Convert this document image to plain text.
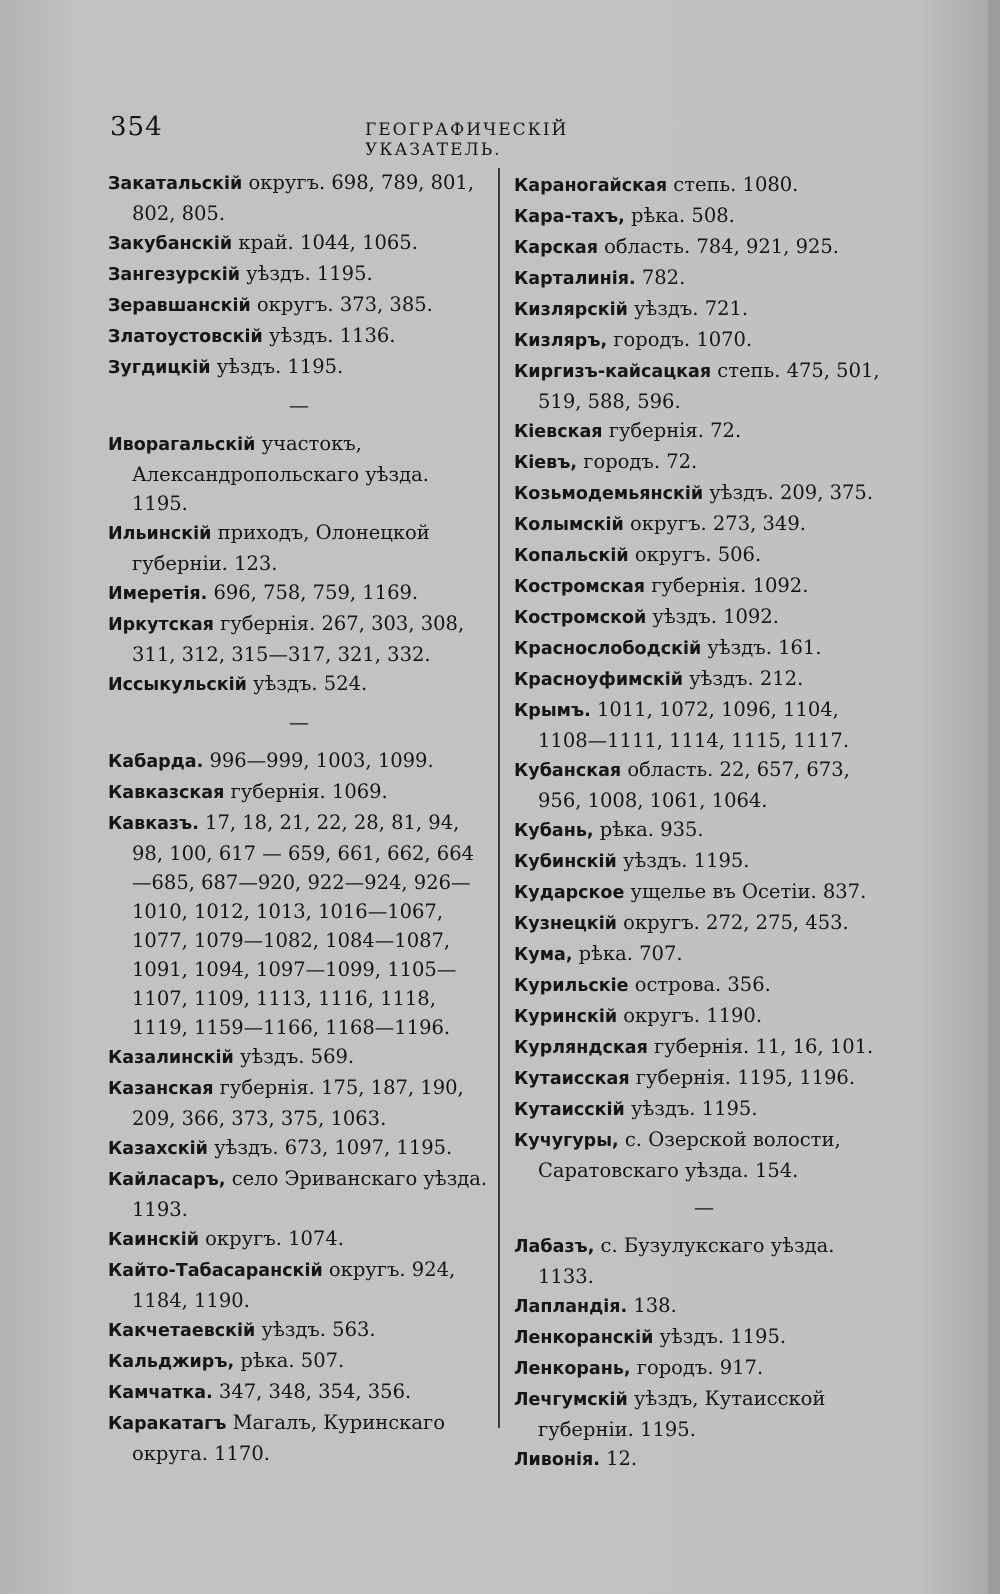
354	ГЕОГРАФИЧЕСКІЙ УКАЗАТЕЛЬ.
Закатальскій округъ. 698, 789, 801, 802, 805.
Закубанскій край. 1044, 1065.
Зангезурскій уѣздъ. 1195.
Зеравшанскій округъ. 373, 385.
Златоустовскій уѣздъ. 1136.
Зугдицкій уѣздъ. 1195.
—
Иворагальскій участокъ, Александропольскаго уѣзда. 1195.
Ильинскій приходъ, Олонецкой губерніи. 123.
Имеретія. 696, 758, 759, 1169.
Иркутская губернія. 267, 303, 308, 311, 312, 315—317, 321, 332.
Иссыкульскій уѣздъ. 524.
—
Кабарда. 996—999, 1003, 1099.
Кавказская губернія. 1069.
Кавказъ. 17, 18, 21, 22, 28, 81, 94, 98, 100, 617 — 659, 661, 662, 664—685, 687—920, 922—924, 926—1010, 1012, 1013, 1016—1067, 1077, 1079—1082, 1084—1087, 1091, 1094, 1097—1099, 1105—1107, 1109, 1113, 1116, 1118, 1119, 1159—1166, 1168—1196.
Казалинскій уѣздъ. 569.
Казанская губернія. 175, 187, 190, 209, 366, 373, 375, 1063.
Казахскій уѣздъ. 673, 1097, 1195.
Кайласаръ, село Эриванскаго уѣзда. 1193.
Каинскій округъ. 1074.
Кайто-Табасаранскій округъ. 924, 1184, 1190.
Какчетаевскій уѣздъ. 563.
Кальджиръ, рѣка. 507.
Камчатка. 347, 348, 354, 356.
Каракатагъ Магалъ, Куринскаго округа. 1170.
Караногайская степь. 1080.
Кара-тахъ, рѣка. 508.
Карская область. 784, 921, 925.
Карталинія. 782.
Кизлярскій уѣздъ. 721.
Кизляръ, городъ. 1070.
Киргизъ-кайсацкая степь. 475, 501, 519, 588, 596.
Кіевская губернія. 72.
Кіевъ, городъ. 72.
Козьмодемьянскій уѣздъ. 209, 375.
Колымскій округъ. 273, 349.
Копальскій округъ. 506.
Костромская губернія. 1092.
Костромской уѣздъ. 1092.
Краснослободскій уѣздъ. 161.
Красноуфимскій уѣздъ. 212.
Крымъ. 1011, 1072, 1096, 1104, 1108—1111, 1114, 1115, 1117.
Кубанская область. 22, 657, 673, 956, 1008, 1061, 1064.
Кубань, рѣка. 935.
Кубинскій уѣздъ. 1195.
Кударское ущелье въ Осетіи. 837.
Кузнецкій округъ. 272, 275, 453.
Кума, рѣка. 707.
Курильскіе острова. 356.
Куринскій округъ. 1190.
Курляндская губернія. 11, 16, 101.
Кутаисская губернія. 1195, 1196.
Кутаисскій уѣздъ. 1195.
Кучугуры, с. Озерской волости, Саратовскаго уѣзда. 154.
—
Лабазъ, с. Бузулукскаго уѣзда. 1133.
Лапландія. 138.
Ленкоранскій уѣздъ. 1195.
Ленкорань, городъ. 917.
Лечгумскій уѣздъ, Кутаисской губерніи. 1195.
Ливонія. 12.
